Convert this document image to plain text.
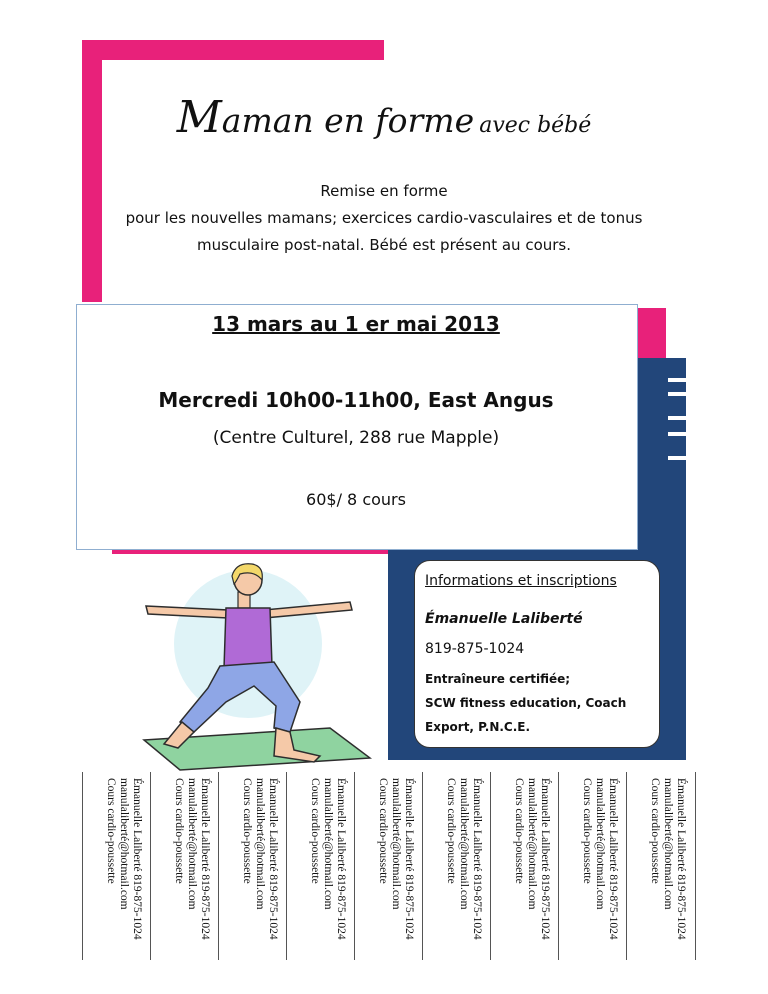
Maman en forme avec bébé
Remise en forme
pour les nouvelles mamans; exercices cardio-vasculaires et de tonus
musculaire post-natal. Bébé est présent au cours.
13 mars au 1 er mai 2013
Mercredi 10h00-11h00, East Angus
(Centre Culturel, 288 rue Mapple)
60$/ 8 cours
Informations et inscriptions
Émanuelle Laliberté
819-875-1024
Entraîneure certifiée;
SCW fitness education, Coach
Export, P.N.C.E.
Émanuelle Laliberté 819-875-1024
manulaliberté@hotmail.com
Cours cardio-poussette	Émanuelle Laliberté 819-875-1024
manulaliberté@hotmail.com
Cours cardio-poussette	Émanuelle Laliberté 819-875-1024
manulaliberté@hotmail.com
Cours cardio-poussette	Émanuelle Laliberté 819-875-1024
manulaliberté@hotmail.com
Cours cardio-poussette	Émanuelle Laliberté 819-875-1024
manulaliberté@hotmail.com
Cours cardio-poussette	Émanuelle Laliberté 819-875-1024
manulaliberté@hotmail.com
Cours cardio-poussette	Émanuelle Laliberté 819-875-1024
manulaliberté@hotmail.com
Cours cardio-poussette	Émanuelle Laliberté 819-875-1024
manulaliberté@hotmail.com
Cours cardio-poussette	Émanuelle Laliberté 819-875-1024
manulaliberté@hotmail.com
Cours cardio-poussette
